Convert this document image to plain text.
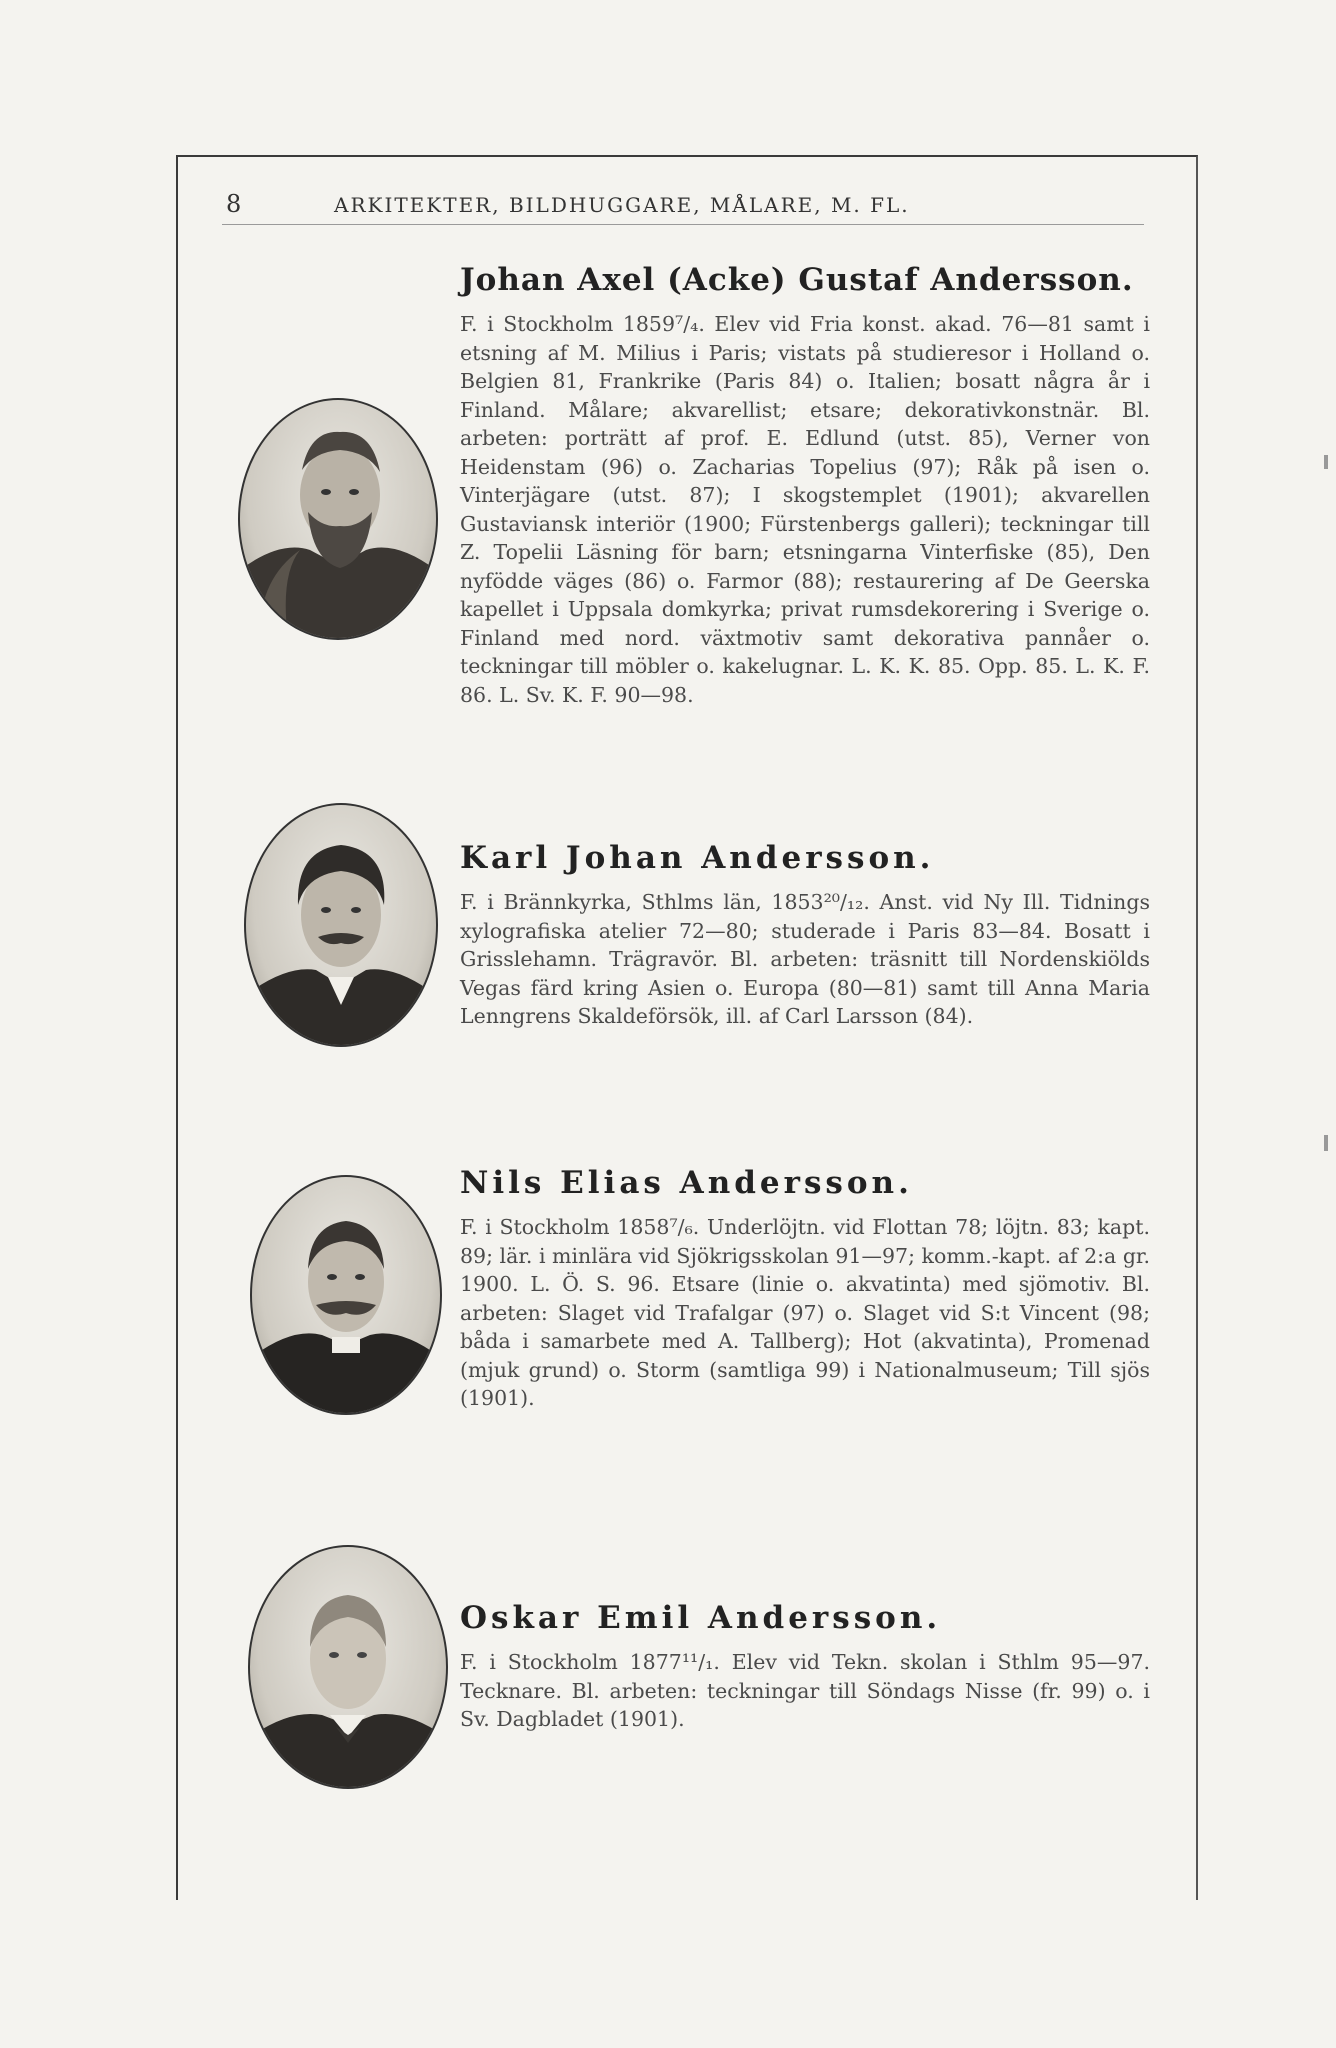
8	ARKITEKTER, BILDHUGGARE, MÅLARE, M. FL.
Johan Axel (Acke) Gustaf Andersson.

F. i Stockholm 1859⁷/₄. Elev vid Fria konst. akad. 76—81 samt i etsning af M. Milius i Paris; vistats på studieresor i Holland o. Belgien 81, Frankrike (Paris 84) o. Italien; bosatt några år i Finland. Målare; akvarellist; etsare; dekorativkonstnär. Bl. arbeten: porträtt af prof. E. Edlund (utst. 85), Verner von Heidenstam (96) o. Zacharias Topelius (97); Råk på isen o. Vinterjägare (utst. 87); I skogstemplet (1901); akvarellen Gustaviansk interiör (1900; Fürstenbergs galleri); teckningar till Z. Topelii Läsning för barn; etsningarna Vinterfiske (85), Den nyfödde väges (86) o. Farmor (88); restaurering af De Geerska kapellet i Uppsala domkyrka; privat rumsdekorering i Sverige o. Finland med nord. växtmotiv samt dekorativa pannåer o. teckningar till möbler o. kakelugnar. L. K. K. 85. Opp. 85. L. K. F. 86. L. Sv. K. F. 90—98.

Karl Johan Andersson.

F. i Brännkyrka, Sthlms län, 1853²⁰/₁₂. Anst. vid Ny Ill. Tidnings xylografiska atelier 72—80; studerade i Paris 83—84. Bosatt i Grisslehamn. Trägravör. Bl. arbeten: träsnitt till Nordenskiölds Vegas färd kring Asien o. Europa (80—81) samt till Anna Maria Lenngrens Skaldeförsök, ill. af Carl Larsson (84).

Nils Elias Andersson.

F. i Stockholm 1858⁷/₆. Underlöjtn. vid Flottan 78; löjtn. 83; kapt. 89; lär. i minlära vid Sjökrigsskolan 91—97; komm.-kapt. af 2:a gr. 1900. L. Ö. S. 96. Etsare (linie o. akvatinta) med sjömotiv. Bl. arbeten: Slaget vid Trafalgar (97) o. Slaget vid S:t Vincent (98; båda i samarbete med A. Tallberg); Hot (akvatinta), Promenad (mjuk grund) o. Storm (samtliga 99) i Nationalmuseum; Till sjös (1901).

Oskar Emil Andersson.

F. i Stockholm 1877¹¹/₁. Elev vid Tekn. skolan i Sthlm 95—97. Tecknare. Bl. arbeten: teckningar till Söndags Nisse (fr. 99) o. i Sv. Dagbladet (1901).
